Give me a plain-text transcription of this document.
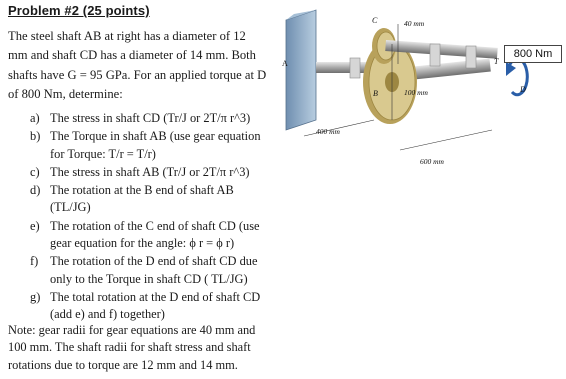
Problem #2 (25 points)

The steel shaft AB at right has a diameter of 12

mm and shaft CD has a diameter of 14 mm. Both

shafts have G = 95 GPa. For an applied torque at D

of 800 Nm, determine:

a) The stress in shaft CD (Tr/J or 2T/π r^3)
b) The Torque in shaft AB (use gear equation
for Torque: T/r = T/r)
c) The stress in shaft AB (Tr/J or 2T/π r^3)
d) The rotation at the B end of shaft AB
(TL/JG)
e) The rotation of the C end of shaft CD (use
gear equation for the angle: ϕ r = ϕ r)
f) The rotation of the D end of shaft CD due
only to the Torque in shaft CD ( TL/JG)
g) The total rotation at the D end of shaft CD
(add e) and f) together)
Note: gear radii for gear equations are 40 mm and
100 mm. The shaft radii for shaft stress and shaft
rotations due to torque are 12 mm and 14 mm.
A
B
C
D
T
40 mm
100 mm
400 mm
600 mm
800 Nm
